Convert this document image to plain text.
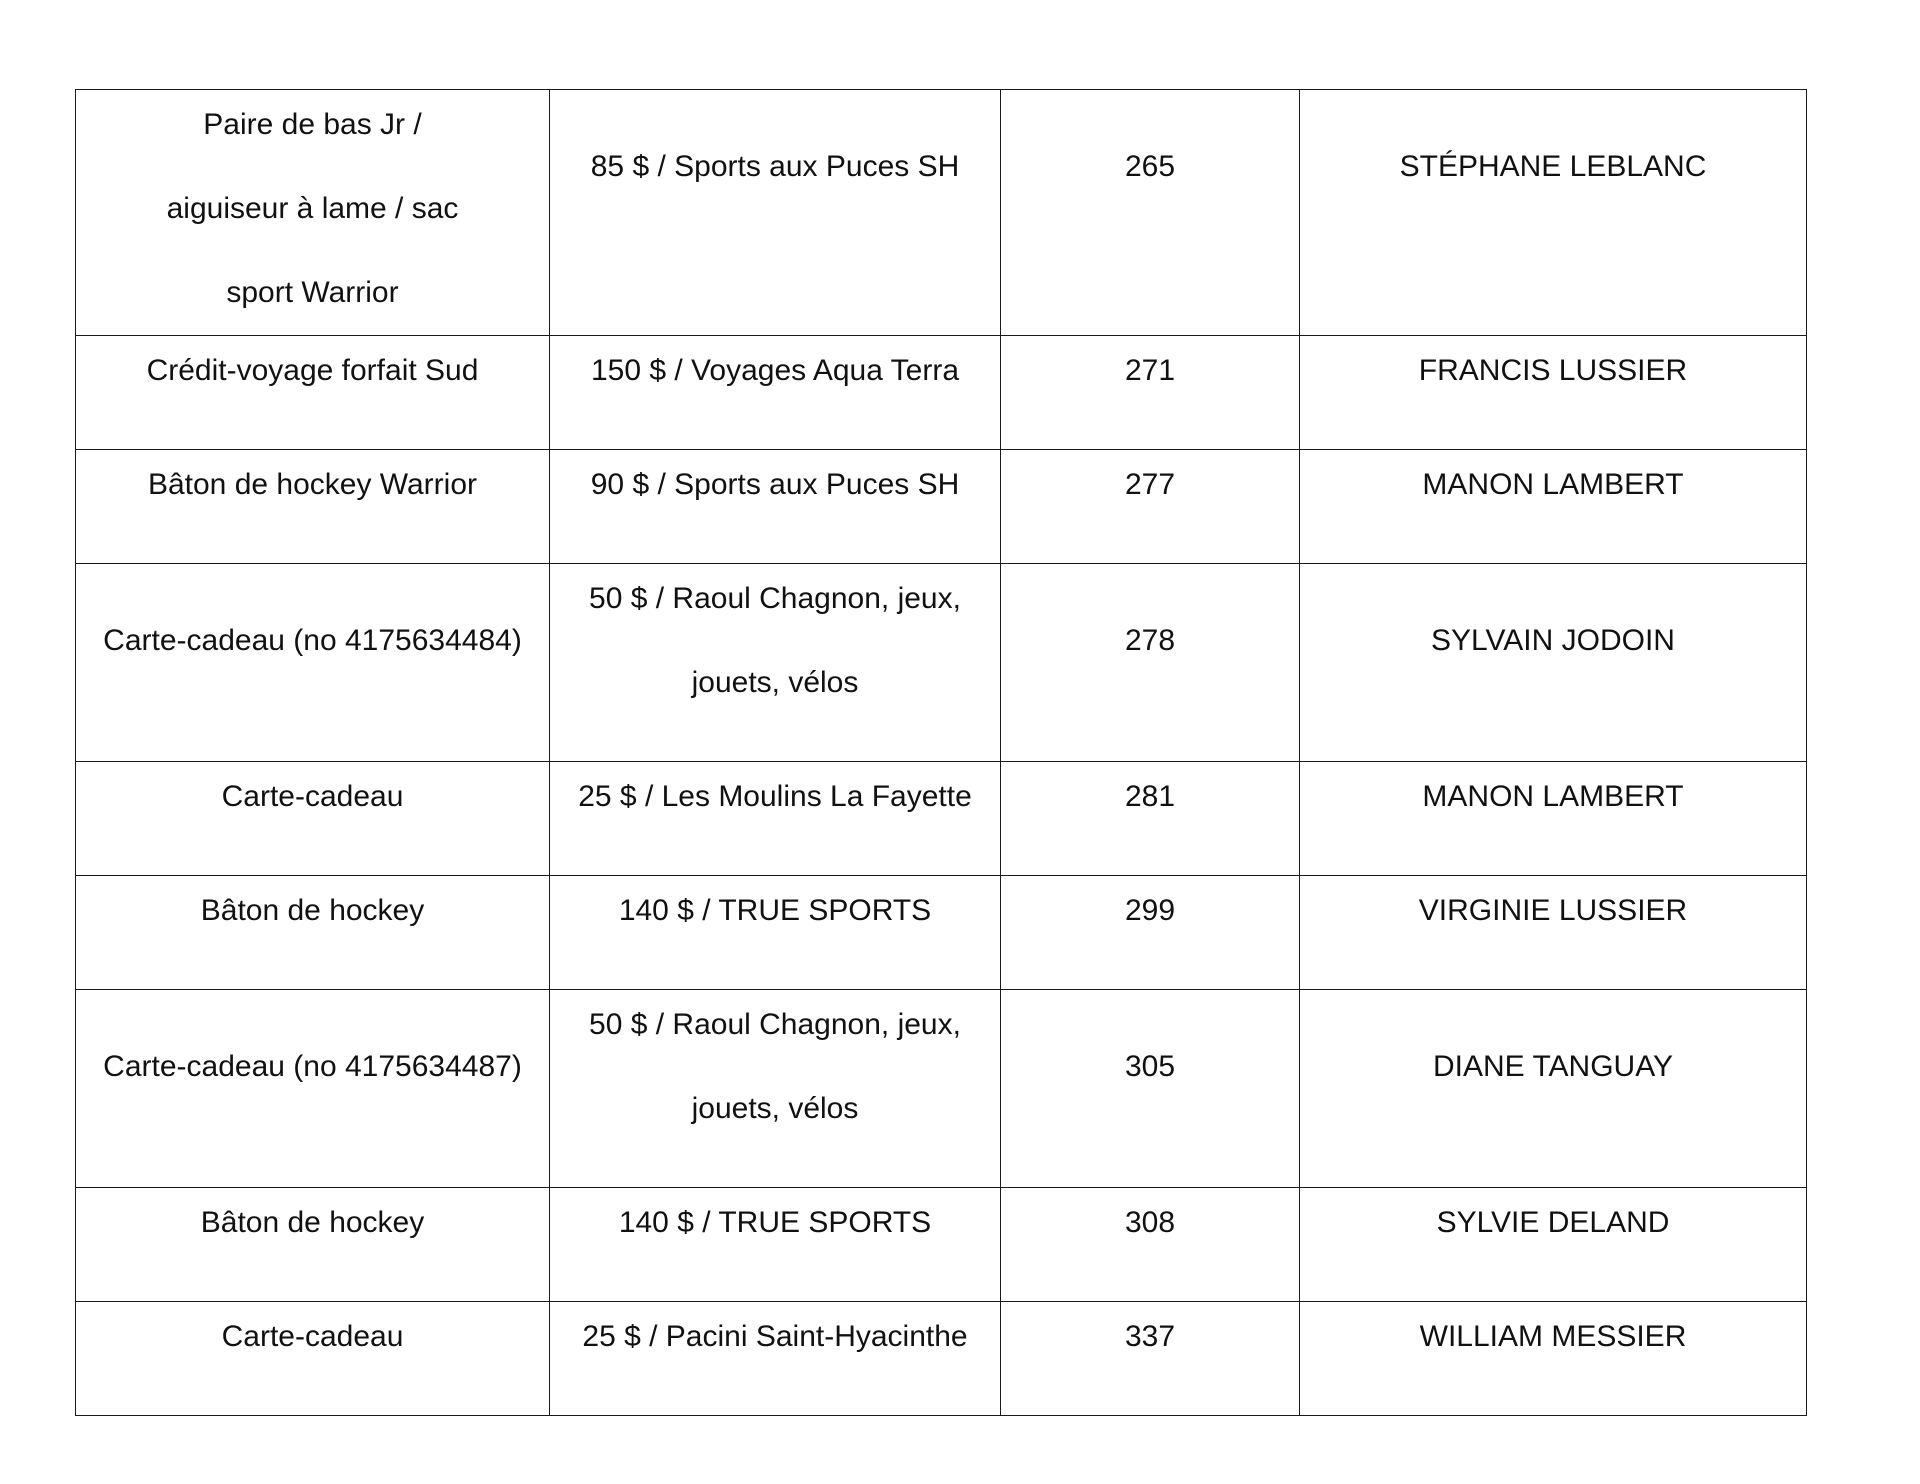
Paire de bas Jr / aiguiseur à lame / sac sport Warrior	85 $ / Sports aux Puces SH	265	STÉPHANE LEBLANC

Crédit-voyage forfait Sud	150 $ / Voyages Aqua Terra	271	FRANCIS LUSSIER

Bâton de hockey Warrior	90 $ / Sports aux Puces SH	277	MANON LAMBERT

Carte-cadeau (no 4175634484)	50 $ / Raoul Chagnon, jeux, jouets, vélos	278	SYLVAIN JODOIN

Carte-cadeau	25 $ / Les Moulins La Fayette	281	MANON LAMBERT

Bâton de hockey	140 $ / TRUE SPORTS	299	VIRGINIE LUSSIER

Carte-cadeau (no 4175634487)	50 $ / Raoul Chagnon, jeux, jouets, vélos	305	DIANE TANGUAY

Bâton de hockey	140 $ / TRUE SPORTS	308	SYLVIE DELAND

Carte-cadeau	25 $ / Pacini Saint-Hyacinthe	337	WILLIAM MESSIER
